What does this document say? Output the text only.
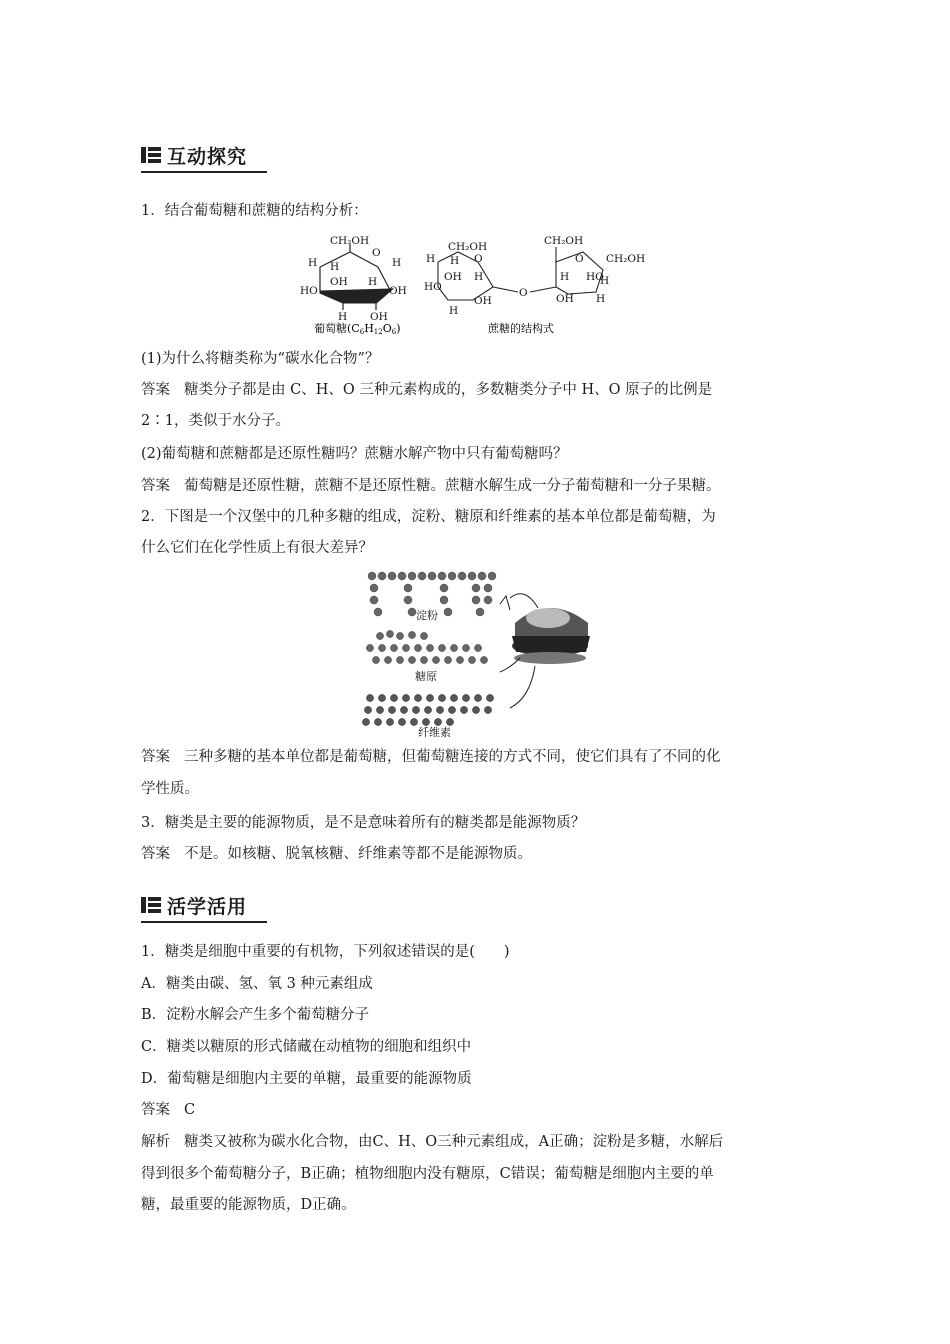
互动探究
1．结合葡萄糖和蔗糖的结构分析：
CH₂OH
O
H H	H
OH H
HO	OH
H OH
葡萄糖(C6H12O6)
CH₂OH
H H O
OH H
HO
H
OH
O
CH₂OH
O CH₂OH
H HO
H
OH H
蔗糖的结构式
(1)为什么将糖类称为“碳水化合物”？
答案 糖类分子都是由 C、H、O 三种元素构成的，多数糖类分子中 H、O 原子的比例是
2∶1，类似于水分子。
(2)葡萄糖和蔗糖都是还原性糖吗？蔗糖水解产物中只有葡萄糖吗？
答案 葡萄糖是还原性糖，蔗糖不是还原性糖。蔗糖水解生成一分子葡萄糖和一分子果糖。
2．下图是一个汉堡中的几种多糖的组成，淀粉、糖原和纤维素的基本单位都是葡萄糖，为
什么它们在化学性质上有很大差异？
淀粉
糖原
纤维素
答案 三种多糖的基本单位都是葡萄糖，但葡萄糖连接的方式不同，使它们具有了不同的化
学性质。
3．糖类是主要的能源物质，是不是意味着所有的糖类都是能源物质？
答案 不是。如核糖、脱氧核糖、纤维素等都不是能源物质。
活学活用
1．糖类是细胞中重要的有机物，下列叙述错误的是(　　)
A．糖类由碳、氢、氧 3 种元素组成
B．淀粉水解会产生多个葡萄糖分子
C．糖类以糖原的形式储藏在动植物的细胞和组织中
D．葡萄糖是细胞内主要的单糖，最重要的能源物质
答案 C
解析 糖类又被称为碳水化合物，由C、H、O三种元素组成，A正确；淀粉是多糖，水解后
得到很多个葡萄糖分子，B正确；植物细胞内没有糖原，C错误；葡萄糖是细胞内主要的单
糖，最重要的能源物质，D正确。
